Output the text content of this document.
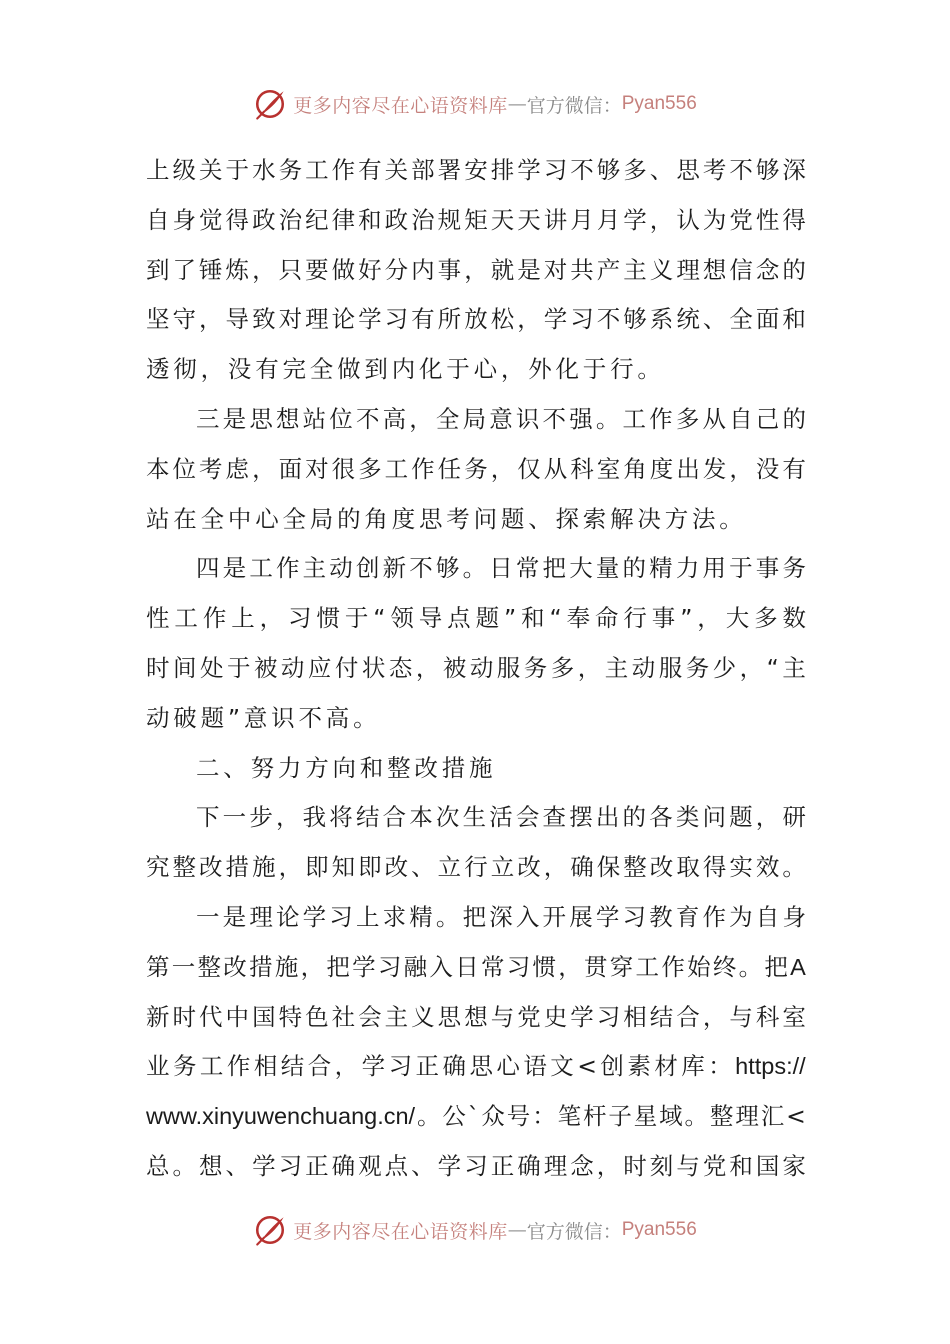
更多内容尽在心语资料库 — 官方微信： Pyan556
上 级 关 于 水 务 工 作 有 关 部 署 安 排 学 习 不 够 多 、 思 考 不 够 深
自 身 觉 得 政 治 纪 律 和 政 治 规 矩 天 天 讲 月 月 学 ， 认 为 党 性 得
到 了 锤 炼 ， 只 要 做 好 分 内 事 ， 就 是 对 共 产 主 义 理 想 信 念 的
坚 守 ， 导 致 对 理 论 学 习 有 所 放 松 ， 学 习 不 够 系 统 、 全 面 和
透彻，没有完全做到内化于心，外化于行。
三 是 思 想 站 位 不 高 ， 全 局 意 识 不 强 。 工 作 多 从 自 己 的
本 位 考 虑 ， 面 对 很 多 工 作 任 务 ， 仅 从 科 室 角 度 出 发 ， 没 有
站在全中心全局的角度思考问题、探索解决方法。
四 是 工 作 主 动 创 新 不 够 。 日 常 把 大 量 的 精 力 用 于 事 务
性 工 作 上 ， 习 惯 于 “ 领 导 点 题 ” 和 “ 奉 命 行 事 ” ， 大 多 数
时 间 处 于 被 动 应 付 状 态 ， 被 动 服 务 多 ， 主 动 服 务 少 ， “ 主
动破题”意识不高。
二、努力方向和整改措施
下 一 步 ， 我 将 结 合 本 次 生 活 会 查 摆 出 的 各 类 问 题 ， 研
究 整 改 措 施 ， 即 知 即 改 、 立 行 立 改 ， 确 保 整 改 取 得 实 效 。
一 是 理 论 学 习 上 求 精 。 把 深 入 开 展 学 习 教 育 作 为 自 身
第 一 整 改 措 施 ， 把 学 习 融 入 日 常 习 惯 ， 贯 穿 工 作 始 终 。 把 A
新 时 代 中 国 特 色 社 会 主 义 思 想 与 党 史 学 习 相 结 合 ， 与 科 室
业 务 工 作 相 结 合 ， 学 习 正 确 思 心 语 文 < 创 素 材 库 ： https://
www.xinyuwenchuang.cn/ 。 公 ` 众 号 ： 笔 杆 子 星 域 。 整 理 汇 <
总 。 想 、 学 习 正 确 观 点 、 学 习 正 确 理 念 ， 时 刻 与 党 和 国 家
更多内容尽在心语资料库 — 官方微信： Pyan556
